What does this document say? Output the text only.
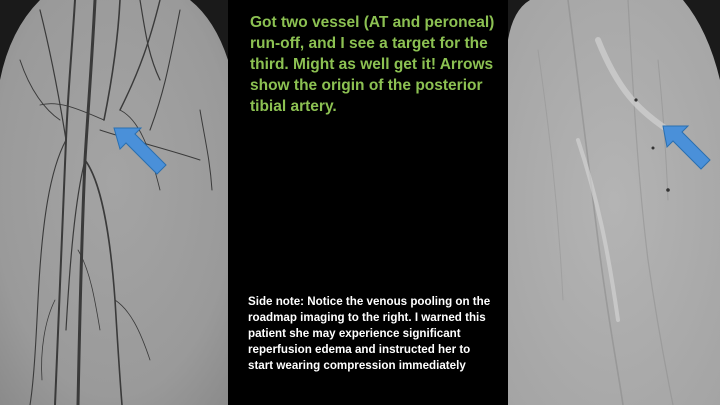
Got two vessel (AT and peroneal) run-off, and I see a target for the third. Might as well get it! Arrows show the origin of the posterior tibial artery.

Side note: Notice the venous pooling on the roadmap imaging to the right. I warned this patient she may experience significant reperfusion edema and instructed her to start wearing compression immediately
